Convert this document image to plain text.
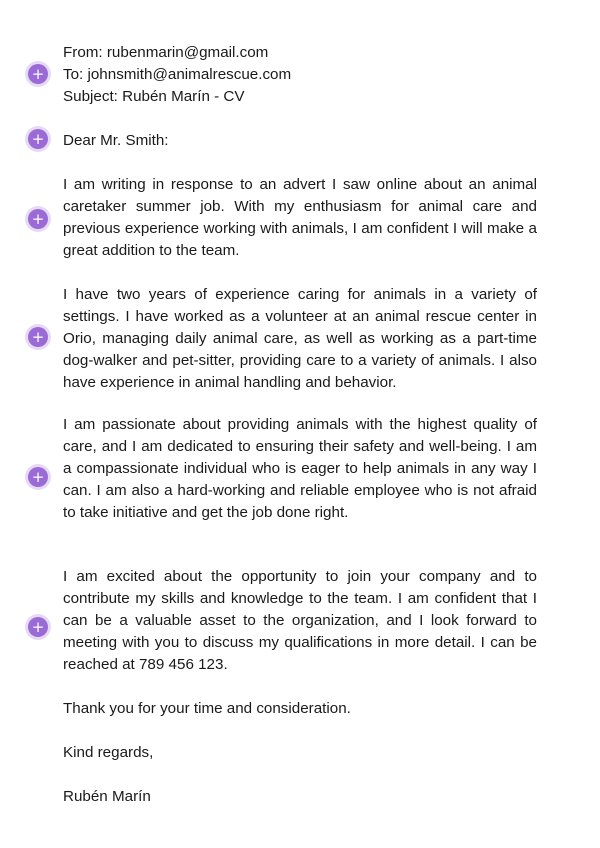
From: rubenmarin@gmail.com
To: johnsmith@animalrescue.com
Subject: Rubén Marín - CV
+

Dear Mr. Smith:

+

I am writing in response to an advert I saw online about an animal caretaker summer job. With my enthusiasm for animal care and previous experience working with animals, I am confident I will make a great addition to the team.

+

I have two years of experience caring for animals in a variety of settings. I have worked as a volunteer at an animal rescue center in Orio, managing daily animal care, as well as working as a part-time dog-walker and pet-sitter, providing care to a variety of animals. I also have experience in animal handling and behavior.

+

I am passionate about providing animals with the highest quality of care, and I am dedicated to ensuring their safety and well-being. I am a compassionate individual who is eager to help animals in any way I can. I am also a hard-working and reliable employee who is not afraid to take initiative and get the job done right.

+

I am excited about the opportunity to join your company and to contribute my skills and knowledge to the team. I am confident that I can be a valuable asset to the organization, and I look forward to meeting with you to discuss my qualifications in more detail. I can be reached at 789 456 123.

+

Thank you for your time and consideration.

Kind regards,

Rubén Marín
